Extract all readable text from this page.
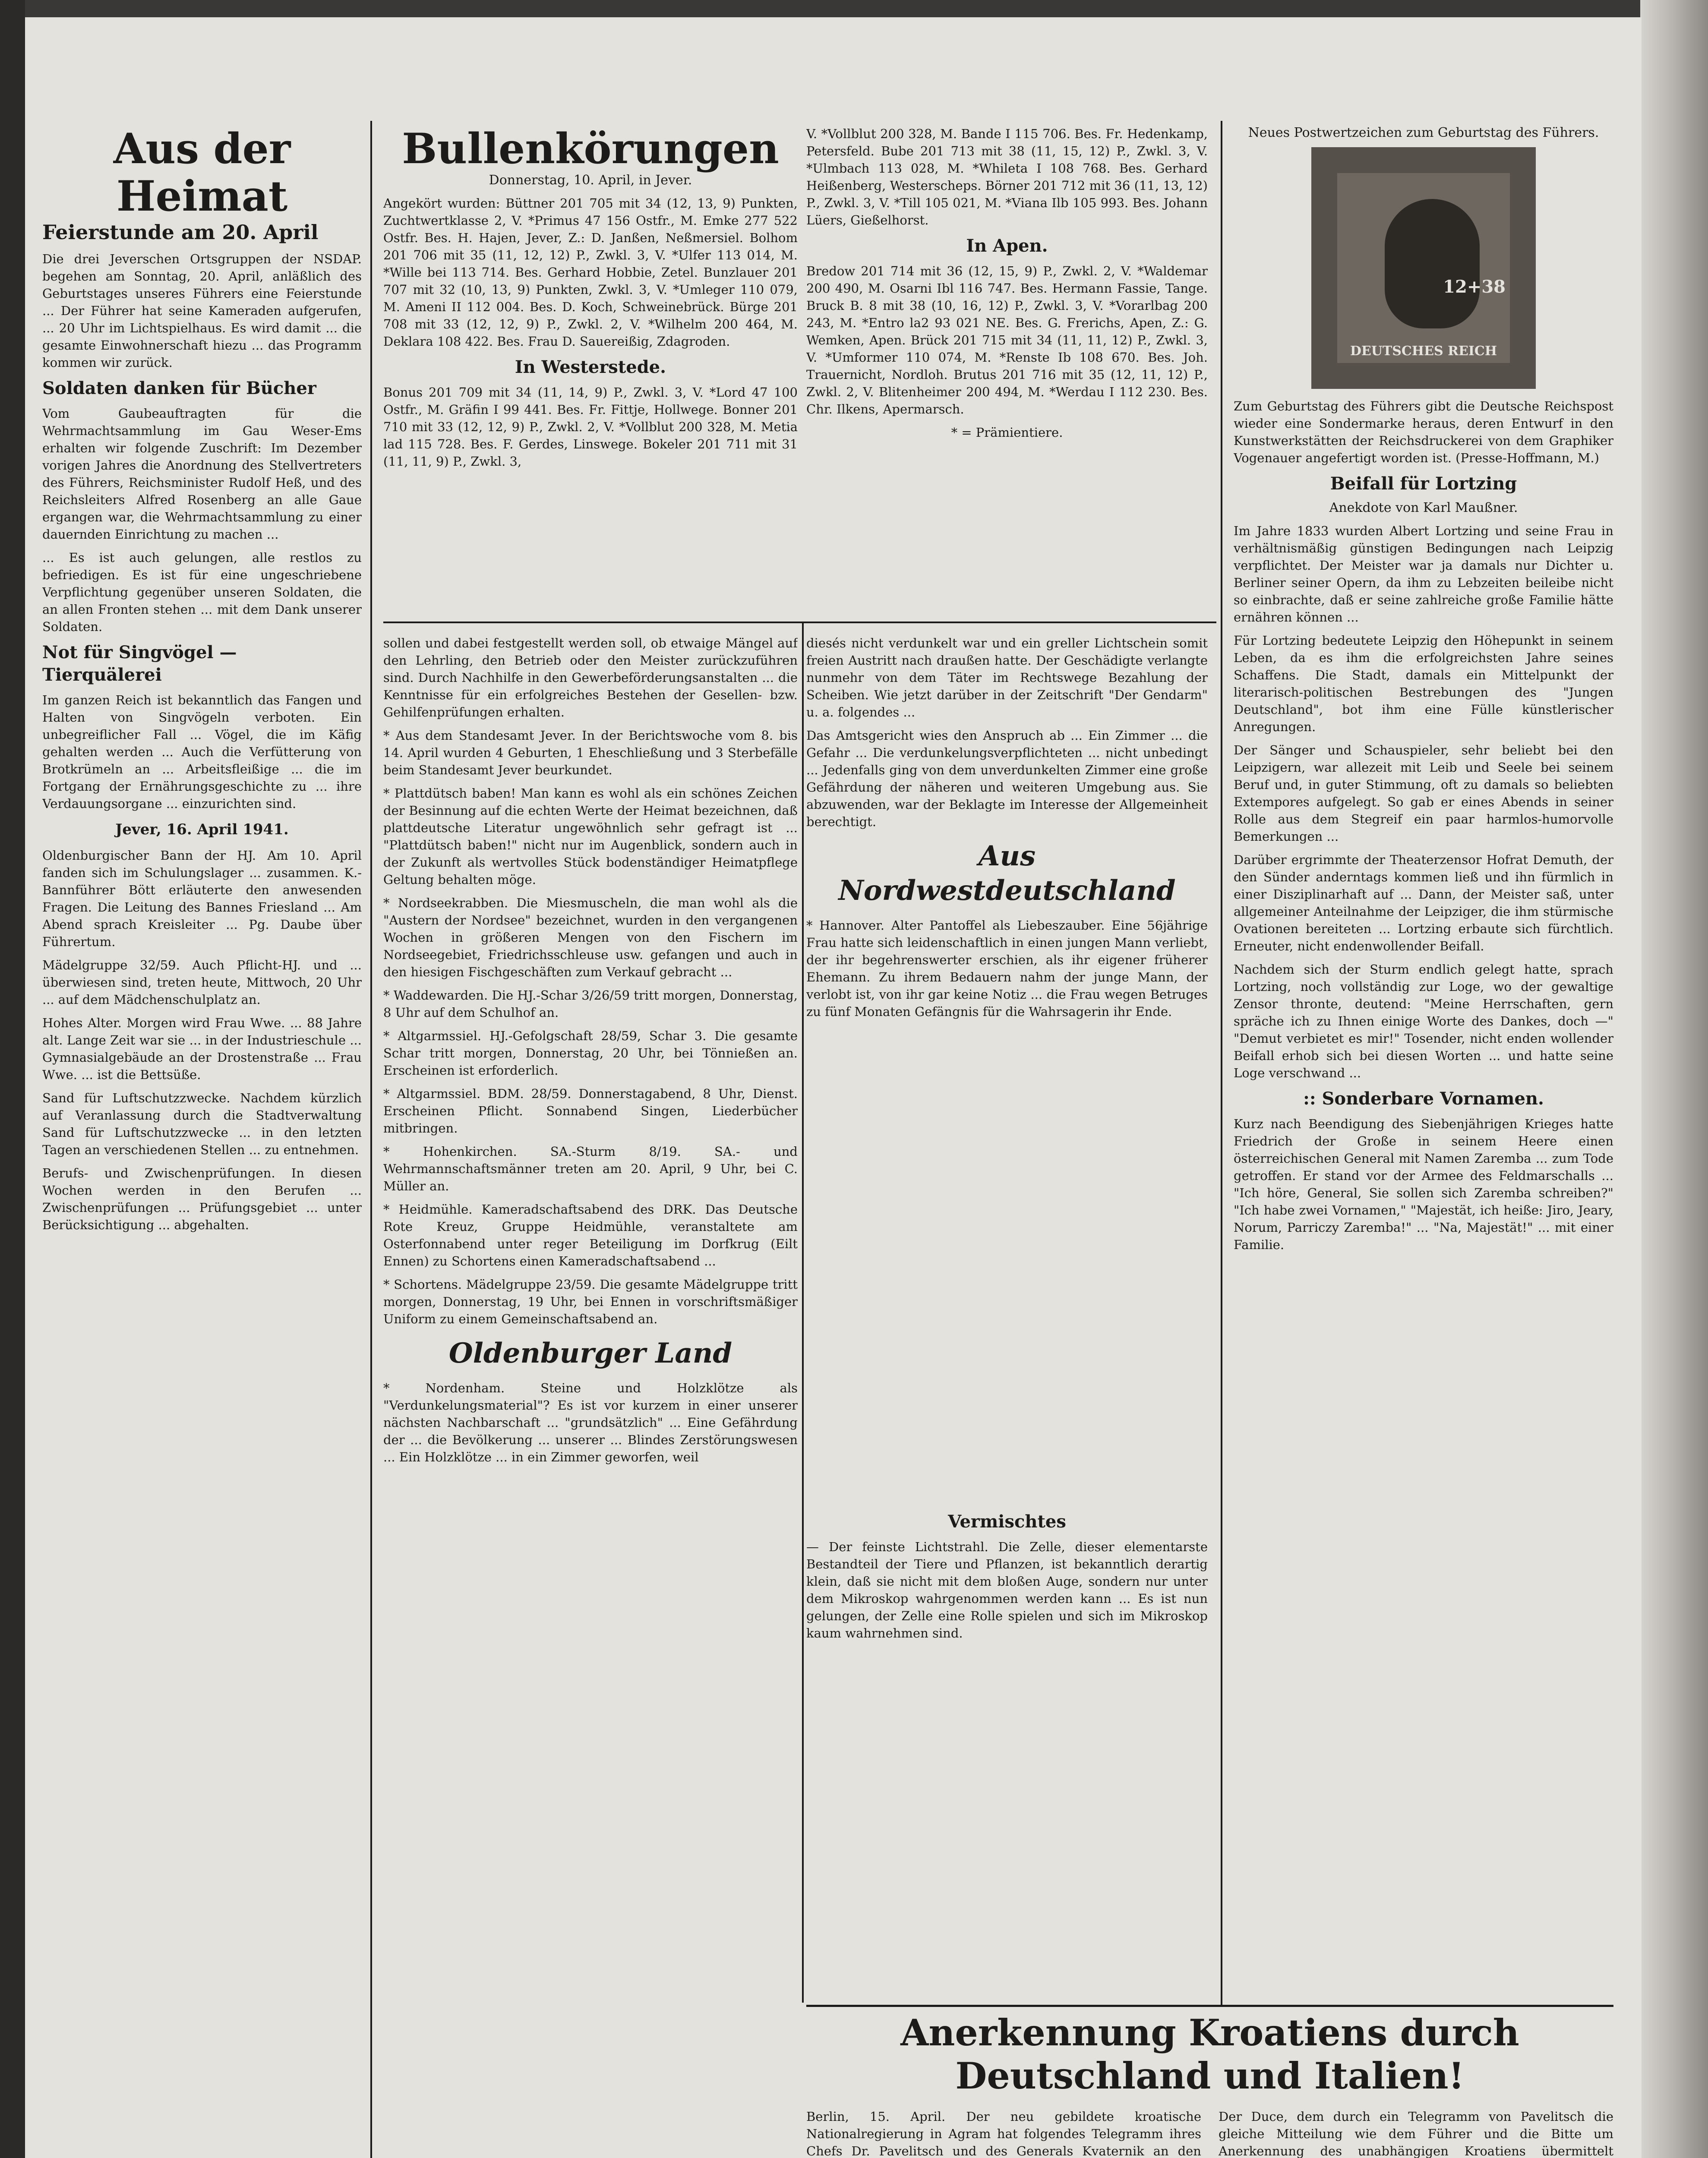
Aus der Heimat
Feierstunde am 20. April

Die drei Jeverschen Ortsgruppen der NSDAP. begehen am Sonntag, 20. April, anläßlich des Geburtstages unseres Führers eine Feierstunde ... Der Führer hat seine Kameraden aufgerufen, ... 20 Uhr im Lichtspielhaus. Es wird damit ... die gesamte Einwohnerschaft hiezu ... das Programm kommen wir zurück.

Soldaten danken für Bücher

Vom Gaubeauftragten für die Wehrmachtsammlung im Gau Weser-Ems erhalten wir folgende Zuschrift: Im Dezember vorigen Jahres die Anordnung des Stellvertreters des Führers, Reichsminister Rudolf Heß, und des Reichsleiters Alfred Rosenberg an alle Gaue ergangen war, die Wehrmachtsammlung zu einer dauernden Einrichtung zu machen ...

... Es ist auch gelungen, alle restlos zu befriedigen. Es ist für eine ungeschriebene Verpflichtung gegenüber unseren Soldaten, die an allen Fronten stehen ... mit dem Dank unserer Soldaten.

Not für Singvögel — Tierquälerei

Im ganzen Reich ist bekanntlich das Fangen und Halten von Singvögeln verboten. Ein unbegreiflicher Fall ... Vögel, die im Käfig gehalten werden ... Auch die Verfütterung von Brotkrümeln an ... Arbeitsfleißige ... die im Fortgang der Ernährungsgeschichte zu ... ihre Verdauungsorgane ... einzurichten sind.

Jever, 16. April 1941.

Oldenburgischer Bann der HJ. Am 10. April fanden sich im Schulungslager ... zusammen. K.-Bannführer Bött erläuterte den anwesenden Fragen. Die Leitung des Bannes Friesland ... Am Abend sprach Kreisleiter ... Pg. Daube über Führertum.

Mädelgruppe 32/59. Auch Pflicht-HJ. und ... überwiesen sind, treten heute, Mittwoch, 20 Uhr ... auf dem Mädchenschulplatz an.

Hohes Alter. Morgen wird Frau Wwe. ... 88 Jahre alt. Lange Zeit war sie ... in der Industrieschule ... Gymnasialgebäude an der Drostenstraße ... Frau Wwe. ... ist die Bettsüße.

Sand für Luftschutzzwecke. Nachdem kürzlich auf Veranlassung durch die Stadtverwaltung Sand für Luftschutzzwecke ... in den letzten Tagen an verschiedenen Stellen ... zu entnehmen.

Berufs- und Zwischenprüfungen. In diesen Wochen werden in den Berufen ... Zwischenprüfungen ... Prüfungsgebiet ... unter Berücksichtigung ... abgehalten.

Bullenkörungen
Donnerstag, 10. April, in Jever.

Angekört wurden: Büttner 201 705 mit 34 (12, 13, 9) Punkten, Zuchtwertklasse 2, V. *Primus 47 156 Ostfr., M. Emke 277 522 Ostfr. Bes. H. Hajen, Jever, Z.: D. Janßen, Neßmersiel. Bolhom 201 706 mit 35 (11, 12, 12) P., Zwkl. 3, V. *Ulfer 113 014, M. *Wille bei 113 714. Bes. Gerhard Hobbie, Zetel. Bunzlauer 201 707 mit 32 (10, 13, 9) Punkten, Zwkl. 3, V. *Umleger 110 079, M. Ameni II 112 004. Bes. D. Koch, Schweinebrück. Bürge 201 708 mit 33 (12, 12, 9) P., Zwkl. 2, V. *Wilhelm 200 464, M. Deklara 108 422. Bes. Frau D. Sauereißig, Zdagroden.

In Westerstede.

Bonus 201 709 mit 34 (11, 14, 9) P., Zwkl. 3, V. *Lord 47 100 Ostfr., M. Gräfin I 99 441. Bes. Fr. Fittje, Hollwege. Bonner 201 710 mit 33 (12, 12, 9) P., Zwkl. 2, V. *Vollblut 200 328, M. Metia lad 115 728. Bes. F. Gerdes, Linswege. Bokeler 201 711 mit 31 (11, 11, 9) P., Zwkl. 3,

V. *Vollblut 200 328, M. Bande I 115 706. Bes. Fr. Hedenkamp, Petersfeld. Bube 201 713 mit 38 (11, 15, 12) P., Zwkl. 3, V. *Ulmbach 113 028, M. *Whileta I 108 768. Bes. Gerhard Heißenberg, Westerscheps. Börner 201 712 mit 36 (11, 13, 12) P., Zwkl. 3, V. *Till 105 021, M. *Viana Ilb 105 993. Bes. Johann Lüers, Gießelhorst.

In Apen.

Bredow 201 714 mit 36 (12, 15, 9) P., Zwkl. 2, V. *Waldemar 200 490, M. Osarni Ibl 116 747. Bes. Hermann Fassie, Tange. Bruck B. 8 mit 38 (10, 16, 12) P., Zwkl. 3, V. *Vorarlbag 200 243, M. *Entro la2 93 021 NE. Bes. G. Frerichs, Apen, Z.: G. Wemken, Apen. Brück 201 715 mit 34 (11, 11, 12) P., Zwkl. 3, V. *Umformer 110 074, M. *Renste Ib 108 670. Bes. Joh. Trauernicht, Nordloh. Brutus 201 716 mit 35 (12, 11, 12) P., Zwkl. 2, V. Blitenheimer 200 494, M. *Werdau I 112 230. Bes. Chr. Ilkens, Apermarsch.

* = Prämientiere.

Neues Postwertzeichen zum Geburtstag des Führers.
12+38
DEUTSCHES REICH

Zum Geburtstag des Führers gibt die Deutsche Reichspost wieder eine Sondermarke heraus, deren Entwurf in den Kunstwerkstätten der Reichsdruckerei von dem Graphiker Vogenauer angefertigt worden ist. (Presse-Hoffmann, M.)

Beifall für Lortzing
Anekdote von Karl Maußner.

Im Jahre 1833 wurden Albert Lortzing und seine Frau in verhältnismäßig günstigen Bedingungen nach Leipzig verpflichtet. Der Meister war ja damals nur Dichter u. Berliner seiner Opern, da ihm zu Lebzeiten beileibe nicht so einbrachte, daß er seine zahlreiche große Familie hätte ernähren können ...

Für Lortzing bedeutete Leipzig den Höhepunkt in seinem Leben, da es ihm die erfolgreichsten Jahre seines Schaffens. Die Stadt, damals ein Mittelpunkt der literarisch-politischen Bestrebungen des "Jungen Deutschland", bot ihm eine Fülle künstlerischer Anregungen.

Der Sänger und Schauspieler, sehr beliebt bei den Leipzigern, war allezeit mit Leib und Seele bei seinem Beruf und, in guter Stimmung, oft zu damals so beliebten Extempores aufgelegt. So gab er eines Abends in seiner Rolle aus dem Stegreif ein paar harmlos-humorvolle Bemerkungen ...

Darüber ergrimmte der Theaterzensor Hofrat Demuth, der den Sünder anderntags kommen ließ und ihn fürmlich in einer Disziplinarhaft auf ... Dann, der Meister saß, unter allgemeiner Anteilnahme der Leipziger, die ihm stürmische Ovationen bereiteten ... Lortzing erbaute sich fürchtlich. Erneuter, nicht endenwollender Beifall.

Nachdem sich der Sturm endlich gelegt hatte, sprach Lortzing, noch vollständig zur Loge, wo der gewaltige Zensor thronte, deutend: "Meine Herrschaften, gern spräche ich zu Ihnen einige Worte des Dankes, doch —" "Demut verbietet es mir!" Tosender, nicht enden wollender Beifall erhob sich bei diesen Worten ... und hatte seine Loge verschwand ...

:: Sonderbare Vornamen.

Kurz nach Beendigung des Siebenjährigen Krieges hatte Friedrich der Große in seinem Heere einen österreichischen General mit Namen Zaremba ... zum Tode getroffen. Er stand vor der Armee des Feldmarschalls ... "Ich höre, General, Sie sollen sich Zaremba schreiben?" "Ich habe zwei Vornamen," "Majestät, ich heiße: Jiro, Jeary, Norum, Parriczy Zaremba!" ... "Na, Majestät!" ... mit einer Familie.

sollen und dabei festgestellt werden soll, ob etwaige Mängel auf den Lehrling, den Betrieb oder den Meister zurückzuführen sind. Durch Nachhilfe in den Gewerbeförderungsanstalten ... die Kenntnisse für ein erfolgreiches Bestehen der Gesellen- bzw. Gehilfenprüfungen erhalten.

* Aus dem Standesamt Jever. In der Berichtswoche vom 8. bis 14. April wurden 4 Geburten, 1 Eheschließung und 3 Sterbefälle beim Standesamt Jever beurkundet.

* Plattdütsch baben! Man kann es wohl als ein schönes Zeichen der Besinnung auf die echten Werte der Heimat bezeichnen, daß plattdeutsche Literatur ungewöhnlich sehr gefragt ist ... "Plattdütsch baben!" nicht nur im Augenblick, sondern auch in der Zukunft als wertvolles Stück bodenständiger Heimatpflege Geltung behalten möge.

* Nordseekrabben. Die Miesmuscheln, die man wohl als die "Austern der Nordsee" bezeichnet, wurden in den vergangenen Wochen in größeren Mengen von den Fischern im Nordseegebiet, Friedrichsschleuse usw. gefangen und auch in den hiesigen Fischgeschäften zum Verkauf gebracht ...

* Waddewarden. Die HJ.-Schar 3/26/59 tritt morgen, Donnerstag, 8 Uhr auf dem Schulhof an.

* Altgarmssiel. HJ.-Gefolgschaft 28/59, Schar 3. Die gesamte Schar tritt morgen, Donnerstag, 20 Uhr, bei Tönnießen an. Erscheinen ist erforderlich.

* Altgarmssiel. BDM. 28/59. Donnerstagabend, 8 Uhr, Dienst. Erscheinen Pflicht. Sonnabend Singen, Liederbücher mitbringen.

* Hohenkirchen. SA.-Sturm 8/19. SA.- und Wehrmannschaftsmänner treten am 20. April, 9 Uhr, bei C. Müller an.

* Heidmühle. Kameradschaftsabend des DRK. Das Deutsche Rote Kreuz, Gruppe Heidmühle, veranstaltete am Osterfonnabend unter reger Beteiligung im Dorfkrug (Eilt Ennen) zu Schortens einen Kameradschaftsabend ...

* Schortens. Mädelgruppe 23/59. Die gesamte Mädelgruppe tritt morgen, Donnerstag, 19 Uhr, bei Ennen in vorschriftsmäßiger Uniform zu einem Gemeinschaftsabend an.

Oldenburger Land

* Nordenham. Steine und Holzklötze als "Verdunkelungsmaterial"? Es ist vor kurzem in einer unserer nächsten Nachbarschaft ... "grundsätzlich" ... Eine Gefährdung der ... die Bevölkerung ... unserer ... Blindes Zerstörungswesen ... Ein Holzklötze ... in ein Zimmer geworfen, weil

diesés nicht verdunkelt war und ein greller Lichtschein somit freien Austritt nach draußen hatte. Der Geschädigte verlangte nunmehr von dem Täter im Rechtswege Bezahlung der Scheiben. Wie jetzt darüber in der Zeitschrift "Der Gendarm" u. a. folgendes ...

Das Amtsgericht wies den Anspruch ab ... Ein Zimmer ... die Gefahr ... Die verdunkelungsverpflichteten ... nicht unbedingt ... Jedenfalls ging von dem unverdunkelten Zimmer eine große Gefährdung der näheren und weiteren Umgebung aus. Sie abzuwenden, war der Beklagte im Interesse der Allgemeinheit berechtigt.

Aus Nordwestdeutschland

* Hannover. Alter Pantoffel als Liebeszauber. Eine 56jährige Frau hatte sich leidenschaftlich in einen jungen Mann verliebt, der ihr begehrenswerter erschien, als ihr eigener früherer Ehemann. Zu ihrem Bedauern nahm der junge Mann, der verlobt ist, von ihr gar keine Notiz ... die Frau wegen Betruges zu fünf Monaten Gefängnis für die Wahrsagerin ihr Ende.

Vermischtes

— Der feinste Lichtstrahl. Die Zelle, dieser elementarste Bestandteil der Tiere und Pflanzen, ist bekanntlich derartig klein, daß sie nicht mit dem bloßen Auge, sondern nur unter dem Mikroskop wahrgenommen werden kann ... Es ist nun gelungen, der Zelle eine Rolle spielen und sich im Mikroskop kaum wahrnehmen sind.

Anerkennung Kroatiens durch Deutschland und Italien!

Berlin, 15. April. Der neu gebildete kroatische Nationalregierung in Agram hat folgendes Telegramm ihres Chefs Dr. Pavelitsch und des Generals Kvaternik an den

Der Duce, dem durch ein Telegramm von Pavelitsch die gleiche Mitteilung wie dem Führer und die Bitte um Anerkennung des unabhängigen Kroatiens übermittelt
